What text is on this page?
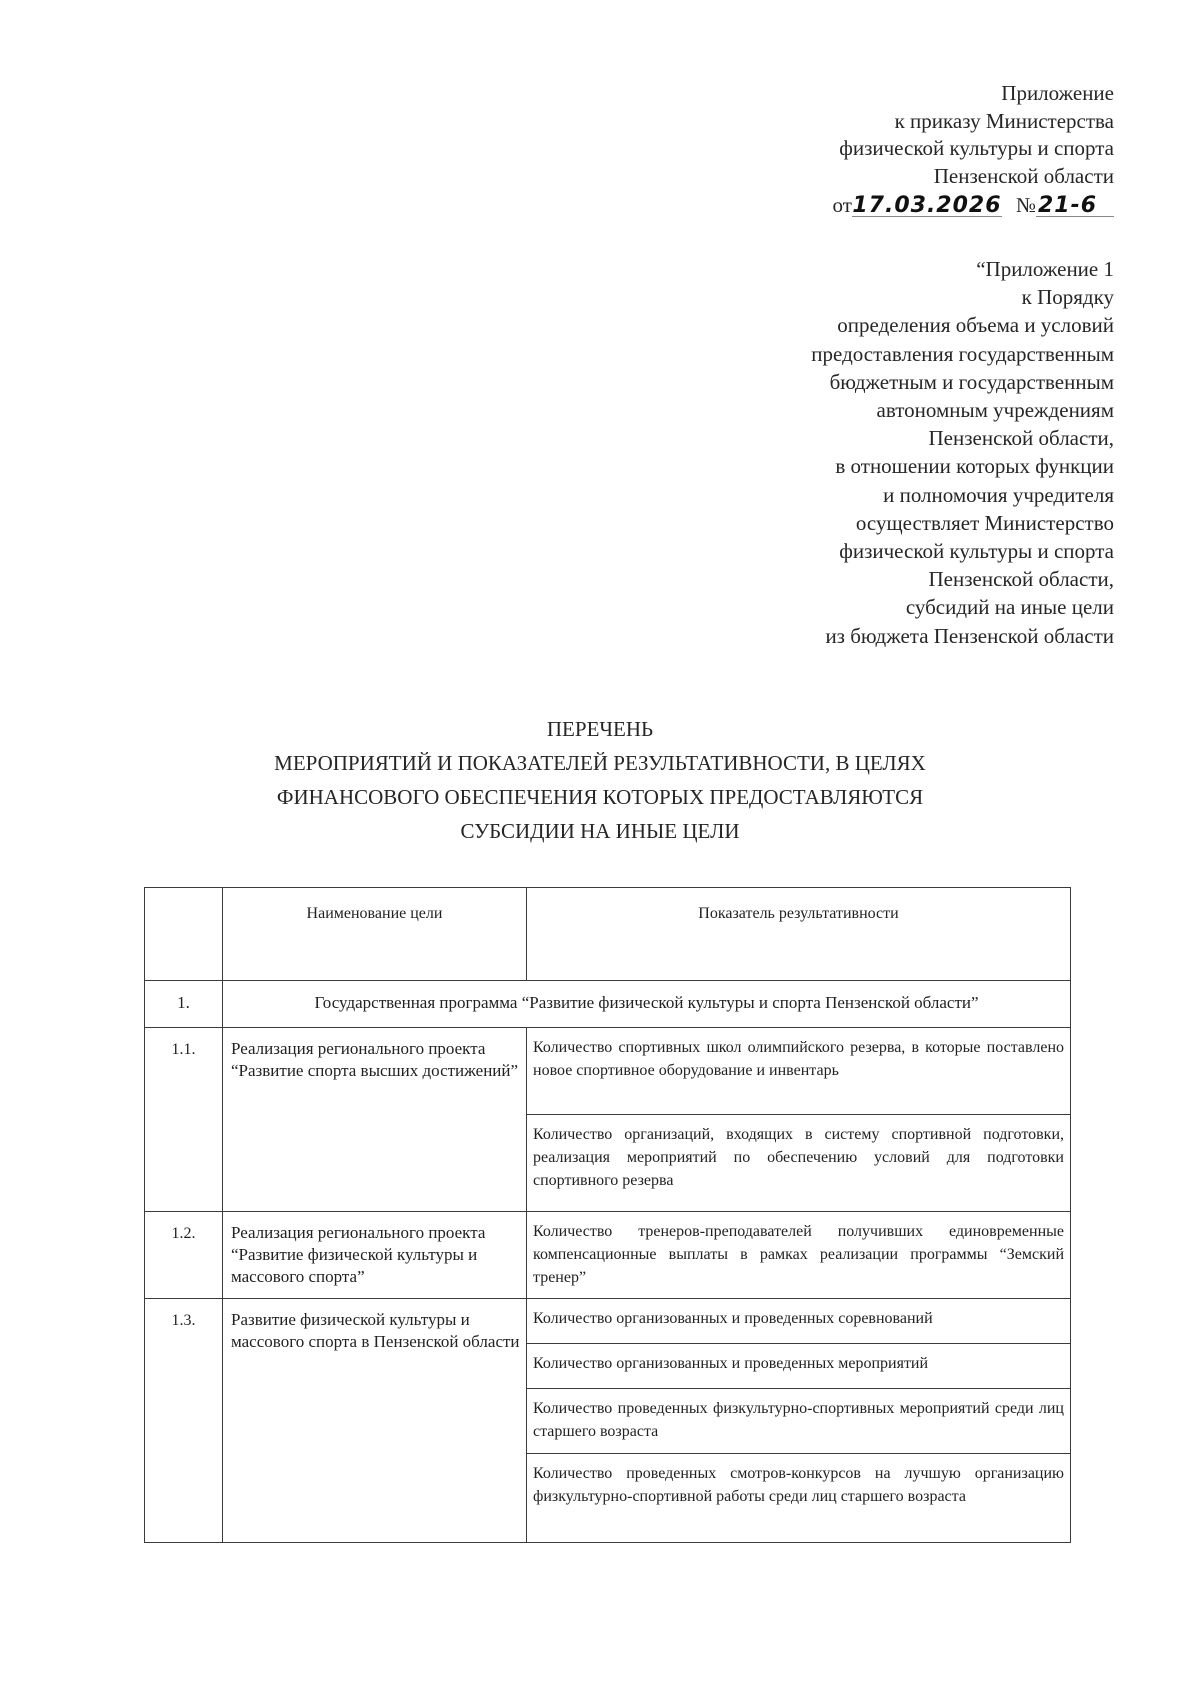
Приложение
к приказу Министерства
физической культуры и спорта
Пензенской области
от17.03.2026 №21-6
“Приложение 1
к Порядку
определения объема и условий
предоставления государственным
бюджетным и государственным
автономным учреждениям
Пензенской области,
в отношении которых функции
и полномочия учредителя
осуществляет Министерство
физической культуры и спорта
Пензенской области,
субсидий на иные цели
из бюджета Пензенской области
ПЕРЕЧЕНЬ
МЕРОПРИЯТИЙ И ПОКАЗАТЕЛЕЙ РЕЗУЛЬТАТИВНОСТИ, В ЦЕЛЯХ
ФИНАНСОВОГО ОБЕСПЕЧЕНИЯ КОТОРЫХ ПРЕДОСТАВЛЯЮТСЯ
СУБСИДИИ НА ИНЫЕ ЦЕЛИ
	Наименование цели	Показатель результативности
1.	Государственная программа “Развитие физической культуры и спорта Пензенской области”	
1.1.	Реализация регионального проекта “Развитие спорта высших достижений”	Количество спортивных школ олимпийского резерва, в которые поставлено новое спортивное оборудование и инвентарь
		Количество организаций, входящих в систему спортивной подготовки, реализация мероприятий по обеспечению условий для подготовки спортивного резерва
1.2.	Реализация регионального проекта “Развитие физической культуры и массового спорта”	Количество тренеров-преподавателей получивших единовременные компенсационные выплаты в рамках реализации программы “Земский тренер”
1.3.	Развитие физической культуры и массового спорта в Пензенской области	Количество организованных и проведенных соревнований
		Количество организованных и проведенных мероприятий
		Количество проведенных физкультурно-спортивных мероприятий среди лиц старшего возраста
		Количество проведенных смотров-конкурсов на лучшую организацию физкультурно-спортивной работы среди лиц старшего возраста
